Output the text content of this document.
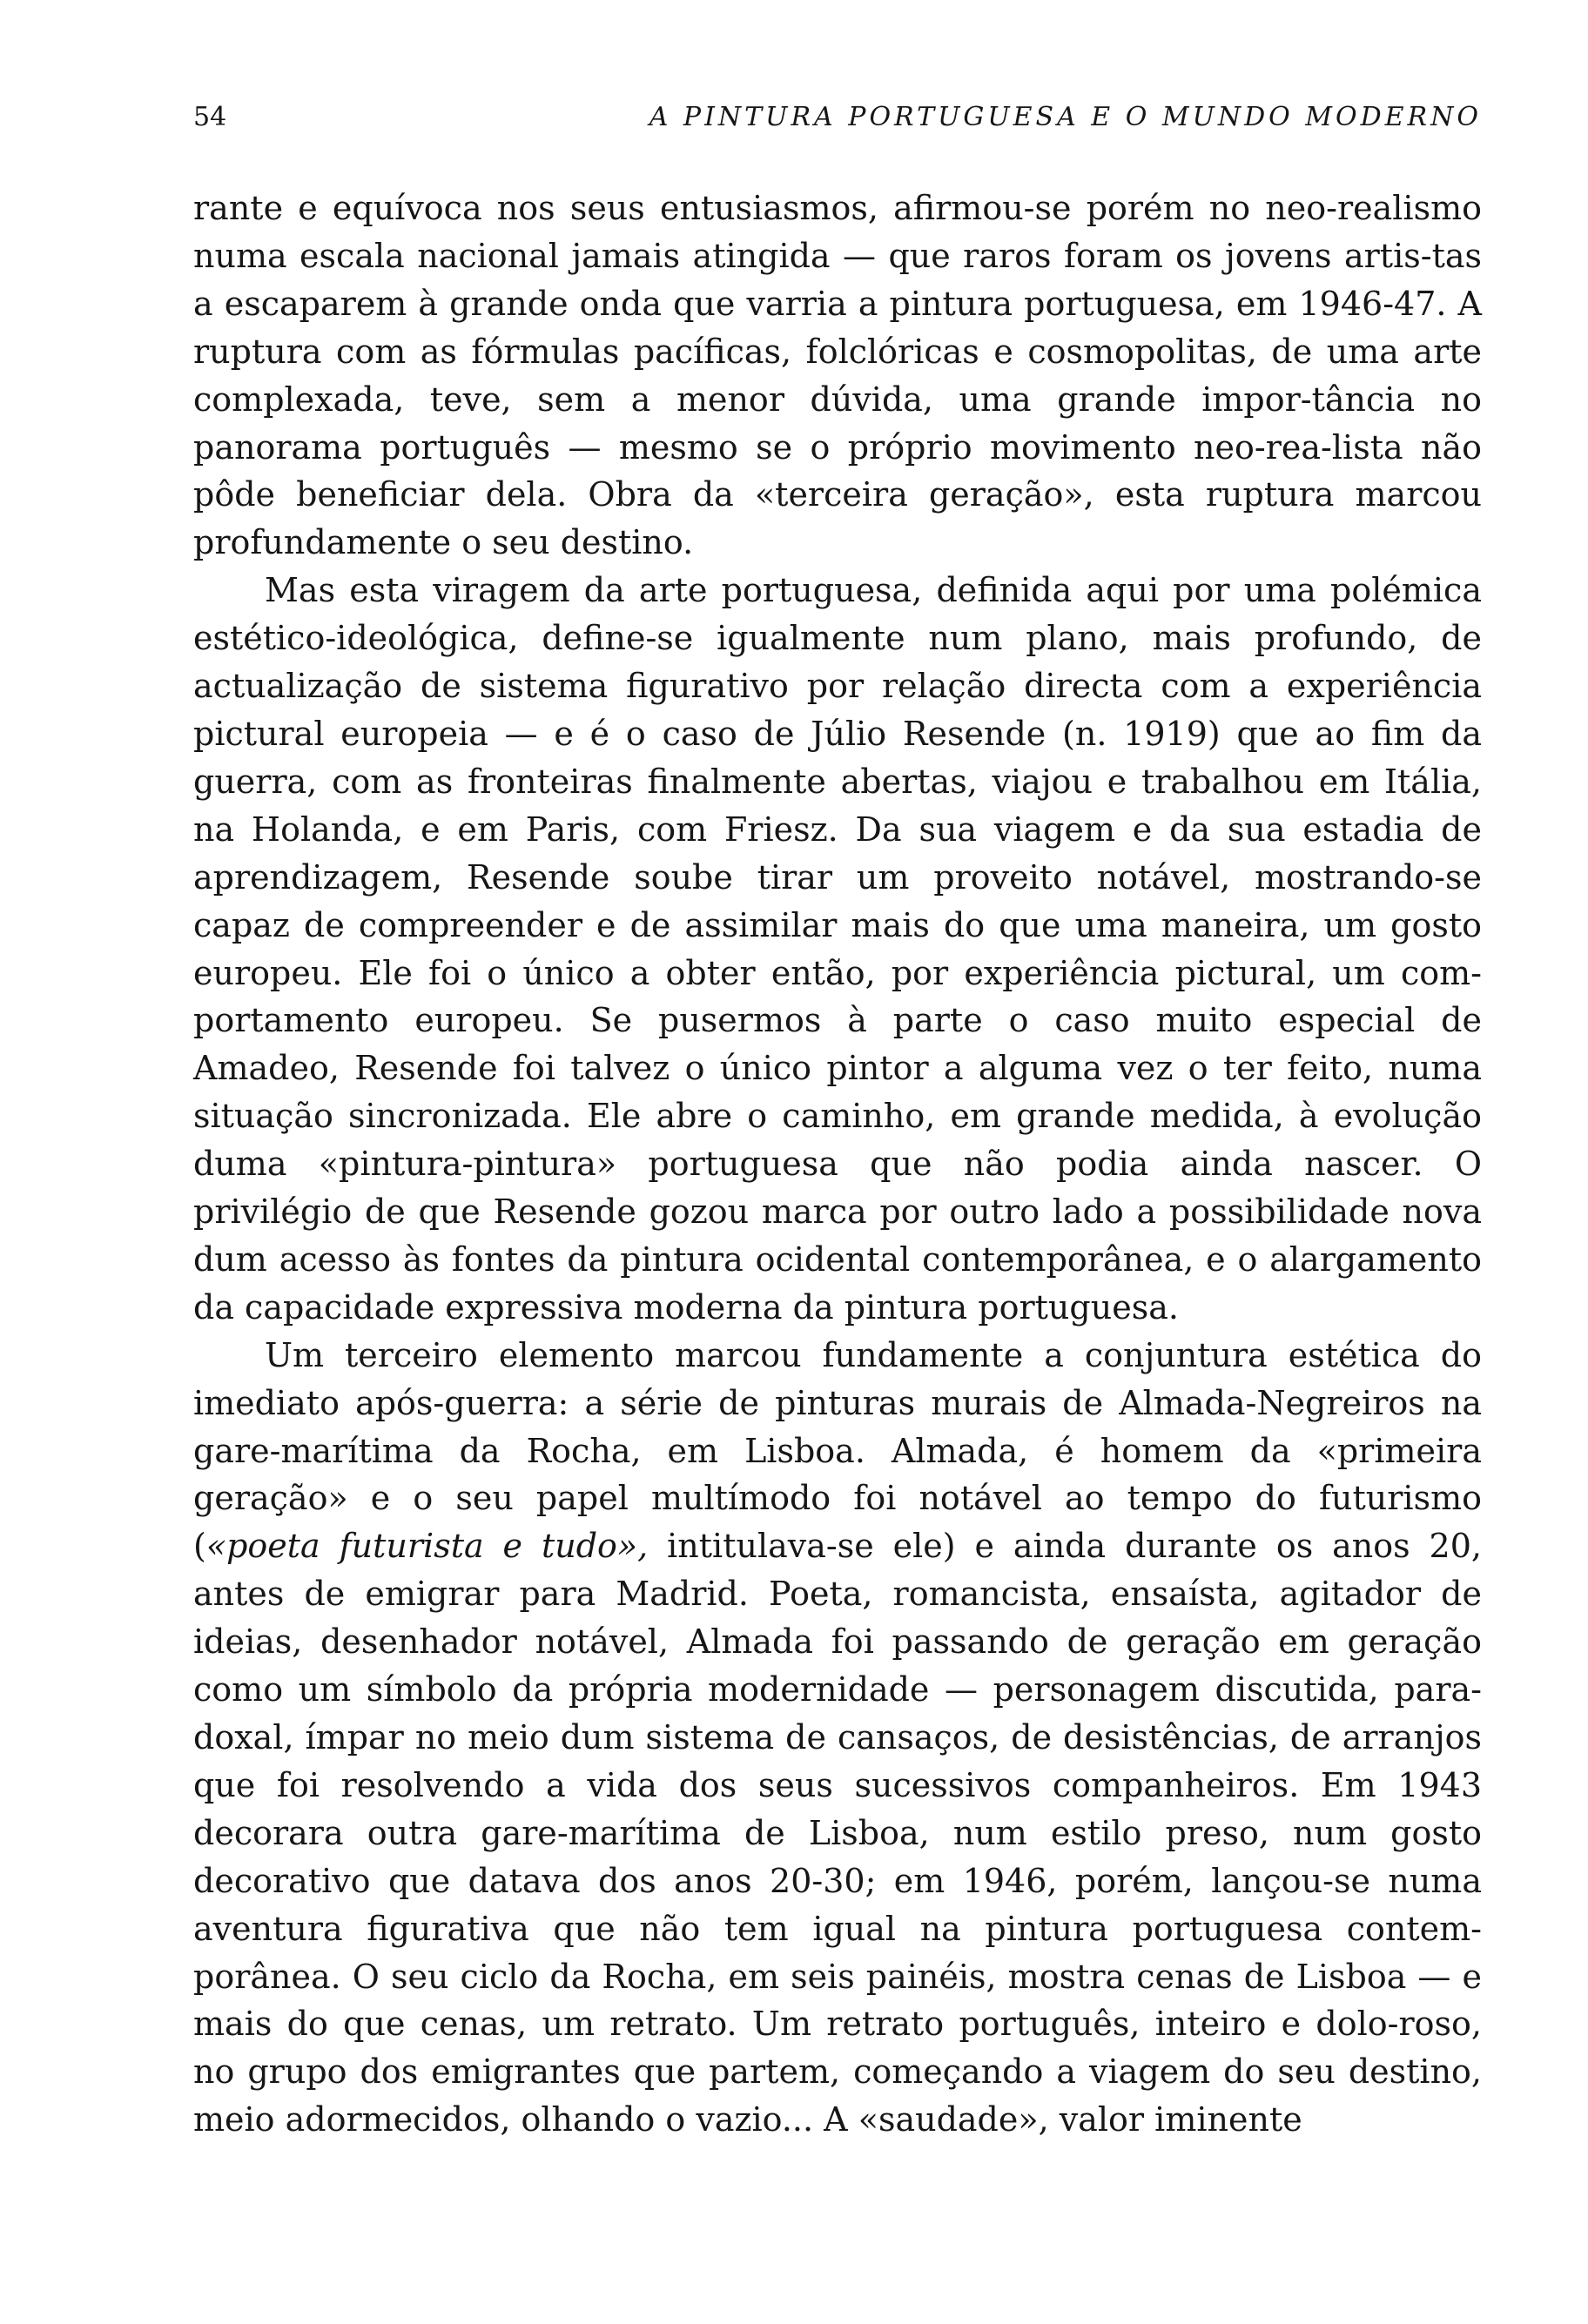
54	A PINTURA PORTUGUESA E O MUNDO MODERNO

rante e equívoca nos seus entusiasmos, afirmou-se porém no neo-realismo numa escala nacional jamais atingida — que raros foram os jovens artis-tas a escaparem à grande onda que varria a pintura portuguesa, em 1946-47. A ruptura com as fórmulas pacíficas, folclóricas e cosmopolitas, de uma arte complexada, teve, sem a menor dúvida, uma grande impor-tância no panorama português — mesmo se o próprio movimento neo-rea-lista não pôde beneficiar dela. Obra da «terceira geração», esta ruptura marcou profundamente o seu destino.

Mas esta viragem da arte portuguesa, definida aqui por uma polémica estético-ideológica, define-se igualmente num plano, mais profundo, de actualização de sistema figurativo por relação directa com a experiência pictural europeia — e é o caso de Júlio Resende (n. 1919) que ao fim da guerra, com as fronteiras finalmente abertas, viajou e trabalhou em Itália, na Holanda, e em Paris, com Friesz. Da sua viagem e da sua estadia de aprendizagem, Resende soube tirar um proveito notável, mostrando-se capaz de compreender e de assimilar mais do que uma maneira, um gosto europeu. Ele foi o único a obter então, por experiência pictural, um com-portamento europeu. Se pusermos à parte o caso muito especial de Amadeo, Resende foi talvez o único pintor a alguma vez o ter feito, numa situação sincronizada. Ele abre o caminho, em grande medida, à evolução duma «pintura-pintura» portuguesa que não podia ainda nascer. O privilégio de que Resende gozou marca por outro lado a possibilidade nova dum acesso às fontes da pintura ocidental contemporânea, e o alargamento da capacidade expressiva moderna da pintura portuguesa.

Um terceiro elemento marcou fundamente a conjuntura estética do imediato após-guerra: a série de pinturas murais de Almada-Negreiros na gare-marítima da Rocha, em Lisboa. Almada, é homem da «primeira geração» e o seu papel multímodo foi notável ao tempo do futurismo («poeta futurista e tudo», intitulava-se ele) e ainda durante os anos 20, antes de emigrar para Madrid. Poeta, romancista, ensaísta, agitador de ideias, desenhador notável, Almada foi passando de geração em geração como um símbolo da própria modernidade — personagem discutida, para-doxal, ímpar no meio dum sistema de cansaços, de desistências, de arranjos que foi resolvendo a vida dos seus sucessivos companheiros. Em 1943 decorara outra gare-marítima de Lisboa, num estilo preso, num gosto decorativo que datava dos anos 20-30; em 1946, porém, lançou-se numa aventura figurativa que não tem igual na pintura portuguesa contem-porânea. O seu ciclo da Rocha, em seis painéis, mostra cenas de Lisboa — e mais do que cenas, um retrato. Um retrato português, inteiro e dolo-roso, no grupo dos emigrantes que partem, começando a viagem do seu destino, meio adormecidos, olhando o vazio... A «saudade», valor iminente
